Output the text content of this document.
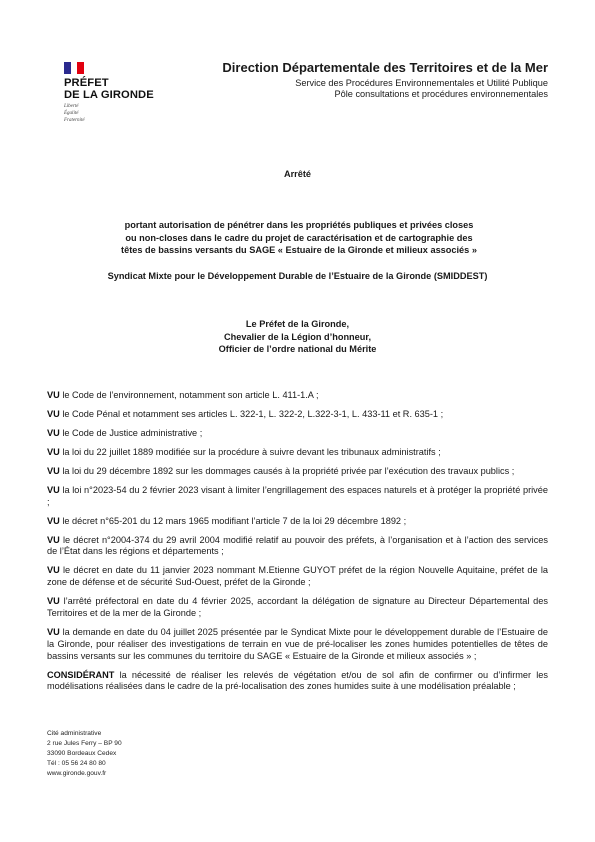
PRÉFET
DE LA GIRONDE
Liberté
Égalité
Fraternité
Direction Départementale des Territoires et de la Mer
Service des Procédures Environnementales et Utilité Publique
Pôle consultations et procédures environnementales
Arrêté
portant autorisation de pénétrer dans les propriétés publiques et privées closes
ou non-closes dans le cadre du projet de caractérisation et de cartographie des
têtes de bassins versants du SAGE « Estuaire de la Gironde et milieux associés »
Syndicat Mixte pour le Développement Durable de l’Estuaire de la Gironde (SMIDDEST)
Le Préfet de la Gironde,
Chevalier de la Légion d’honneur,
Officier de l’ordre national du Mérite

VU le Code de l’environnement, notamment son article L. 411-1.A ;

VU le Code Pénal et notamment ses articles L. 322-1, L. 322-2, L.322-3-1, L. 433-11 et R. 635-1 ;

VU le Code de Justice administrative ;

VU la loi du 22 juillet 1889 modifiée sur la procédure à suivre devant les tribunaux administratifs ;

VU la loi du 29 décembre 1892 sur les dommages causés à la propriété privée par l’exécution des travaux publics ;

VU la loi n°2023-54 du 2 février 2023 visant à limiter l’engrillagement des espaces naturels et à protéger la propriété privée ;

VU le décret n°65-201 du 12 mars 1965 modifiant l’article 7 de la loi 29 décembre 1892 ;

VU le décret n°2004-374 du 29 avril 2004 modifié relatif au pouvoir des préfets, à l’organisation et à l’action des services de l’État dans les régions et départements ;

VU le décret en date du 11 janvier 2023 nommant M.Etienne GUYOT préfet de la région Nouvelle Aquitaine, préfet de la zone de défense et de sécurité Sud-Ouest, préfet de la Gironde ;

VU l’arrêté préfectoral en date du 4 février 2025, accordant la délégation de signature au Directeur Départemental des Territoires et de la mer de la Gironde ;

VU la demande en date du 04 juillet 2025 présentée par le Syndicat Mixte pour le développement durable de l’Estuaire de la Gironde, pour réaliser des investigations de terrain en vue de pré-localiser les zones humides potentielles de têtes de bassins versants sur les communes du territoire du SAGE « Estuaire de la Gironde et milieux associés » ;

CONSIDÉRANT la nécessité de réaliser les relevés de végétation et/ou de sol afin de confirmer ou d’infirmer les modélisations réalisées dans le cadre de la pré-localisation des zones humides suite à une modélisation préalable ;

Cité administrative
2 rue Jules Ferry – BP 90
33090 Bordeaux Cedex
Tél : 05 56 24 80 80
www.gironde.gouv.fr
